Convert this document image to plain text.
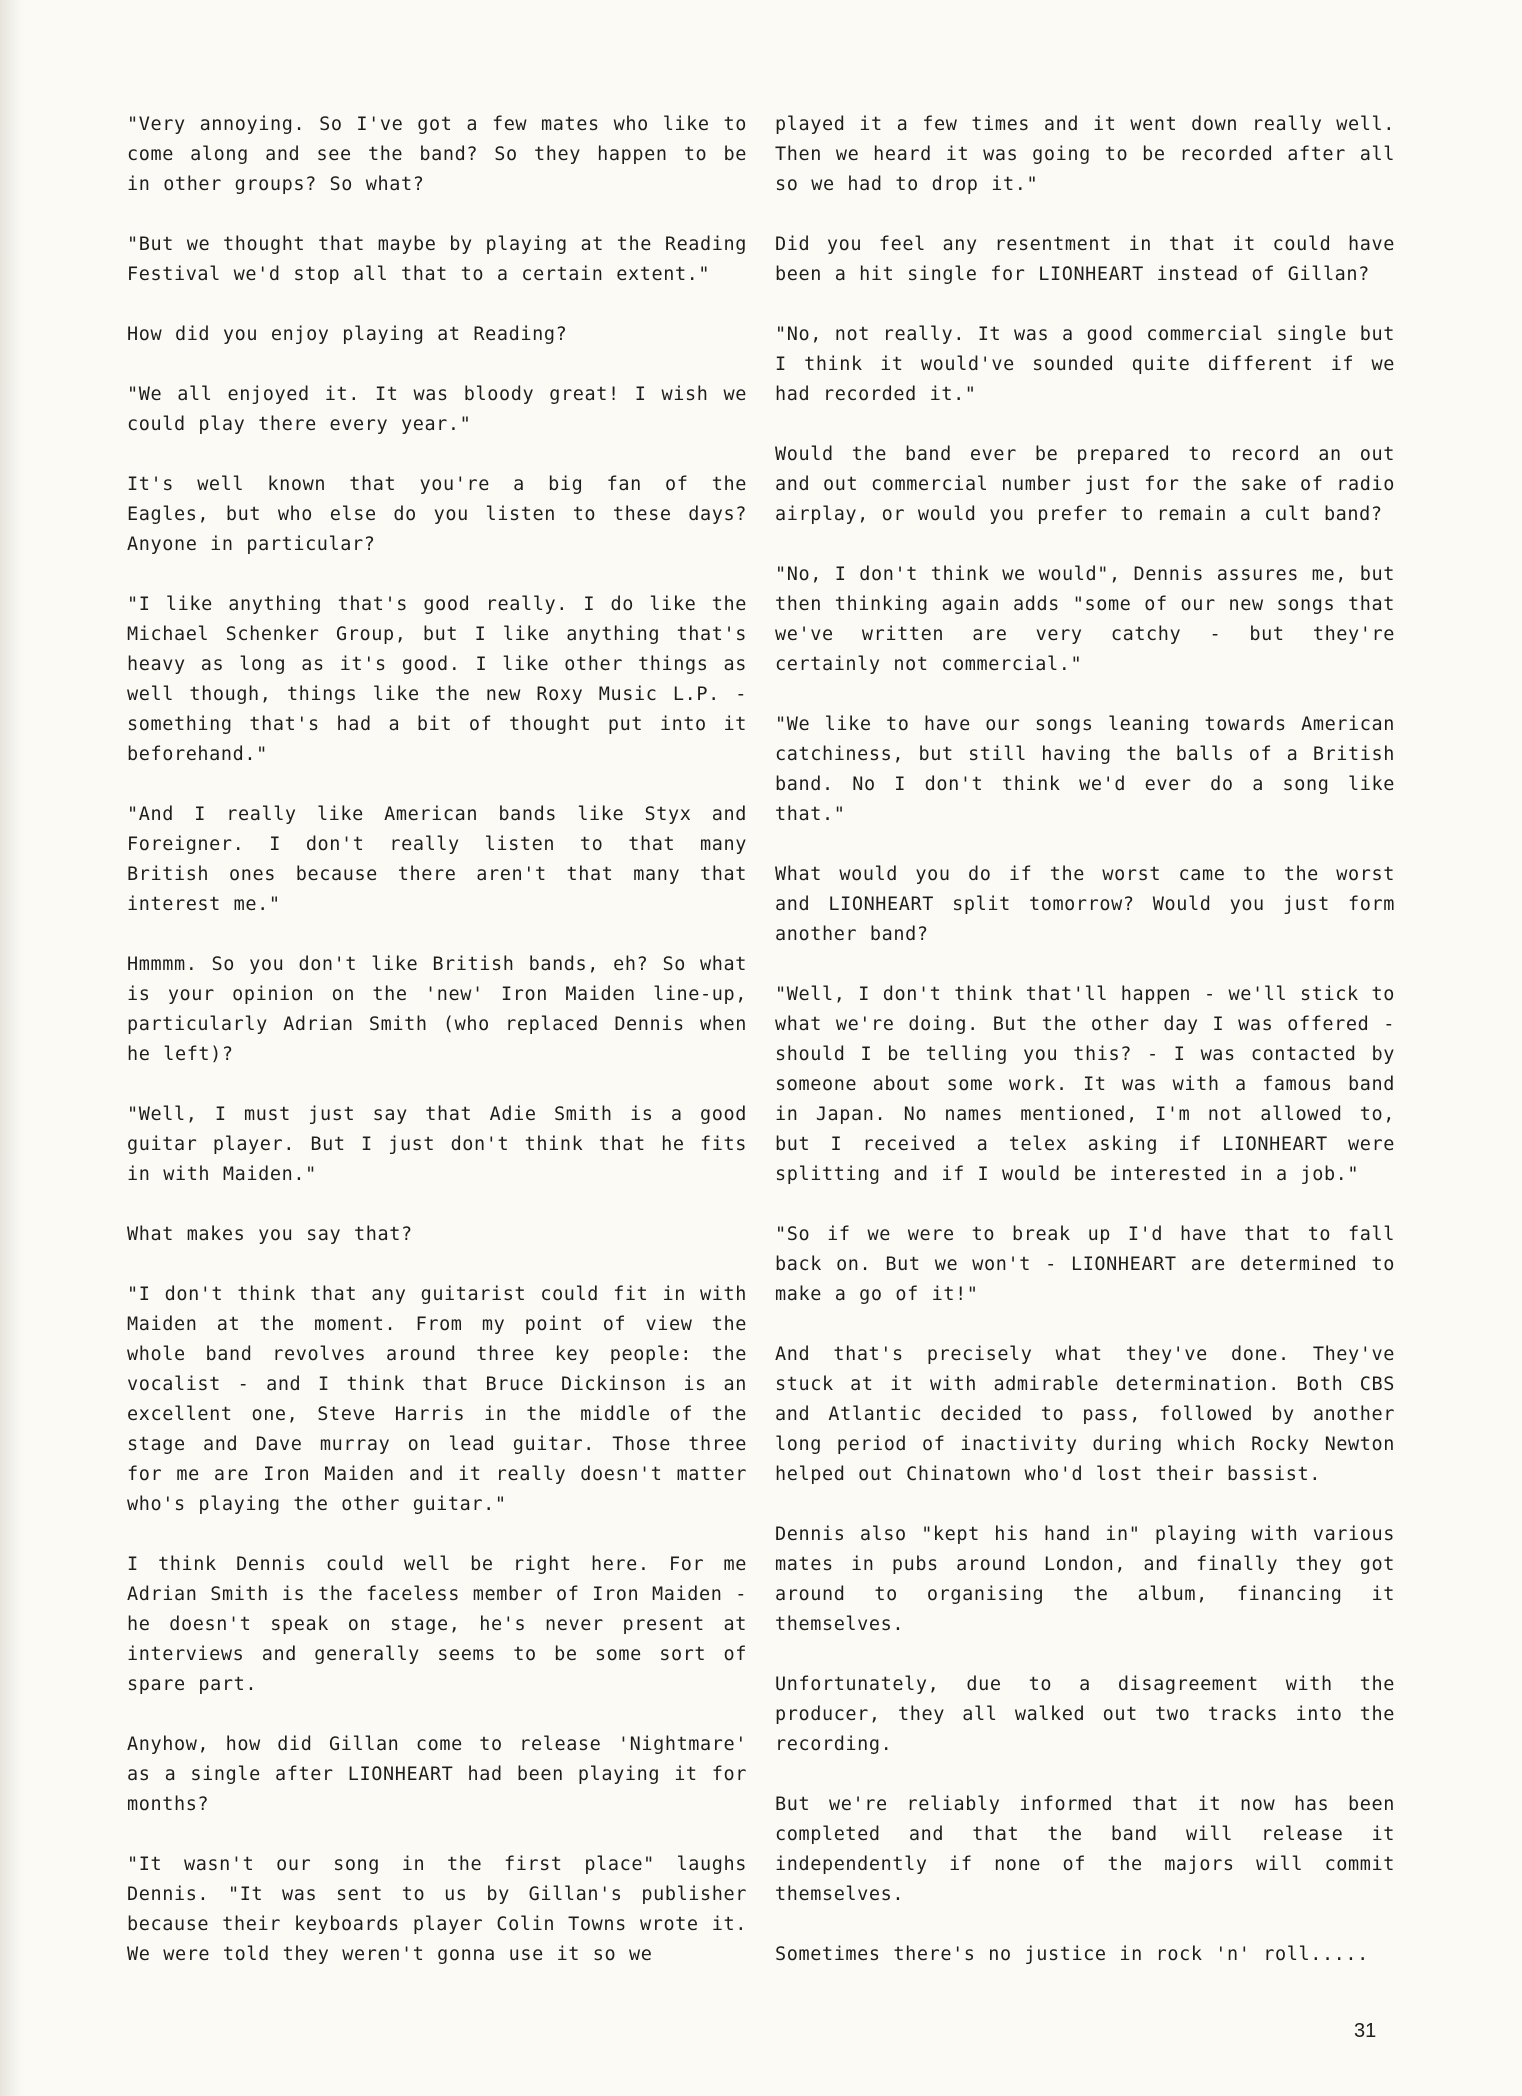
"Very annoying. So I've got a few mates who like to come along and see the band? So they happen to be in other groups? So what?

"But we thought that maybe by playing at the Reading Festival we'd stop all that to a certain extent."

How did you enjoy playing at Reading?

"We all enjoyed it. It was bloody great! I wish we could play there every year."

It's well known that you're a big fan of the Eagles, but who else do you listen to these days? Anyone in particular?

"I like anything that's good really. I do like the Michael Schenker Group, but I like anything that's heavy as long as it's good. I like other things as well though, things like the new Roxy Music L.P. - something that's had a bit of thought put into it beforehand."

"And I really like American bands like Styx and Foreigner. I don't really listen to that many British ones because there aren't that many that interest me."

Hmmmm. So you don't like British bands, eh? So what is your opinion on the 'new' Iron Maiden line-up, particularly Adrian Smith (who replaced Dennis when he left)?

"Well, I must just say that Adie Smith is a good guitar player. But I just don't think that he fits in with Maiden."

What makes you say that?

"I don't think that any guitarist could fit in with Maiden at the moment. From my point of view the whole band revolves around three key people: the vocalist - and I think that Bruce Dickinson is an excellent one, Steve Harris in the middle of the stage and Dave murray on lead guitar. Those three for me are Iron Maiden and it really doesn't matter who's playing the other guitar."

I think Dennis could well be right here. For me Adrian Smith is the faceless member of Iron Maiden - he doesn't speak on stage, he's never present at interviews and generally seems to be some sort of spare part.

Anyhow, how did Gillan come to release 'Nightmare' as a single after LIONHEART had been playing it for months?

"It wasn't our song in the first place" laughs Dennis. "It was sent to us by Gillan's publisher because their keyboards player Colin Towns wrote it. We were told they weren't gonna use it so we

played it a few times and it went down really well. Then we heard it was going to be recorded after all so we had to drop it."

Did you feel any resentment in that it could have been a hit single for LIONHEART instead of Gillan?

"No, not really. It was a good commercial single but I think it would've sounded quite different if we had recorded it."

Would the band ever be prepared to record an out and out commercial number just for the sake of radio airplay, or would you prefer to remain a cult band?

"No, I don't think we would", Dennis assures me, but then thinking again adds "some of our new songs that we've written are very catchy - but they're certainly not commercial."

"We like to have our songs leaning towards American catchiness, but still having the balls of a British band. No I don't think we'd ever do a song like that."

What would you do if the worst came to the worst and LIONHEART split tomorrow? Would you just form another band?

"Well, I don't think that'll happen - we'll stick to what we're doing. But the other day I was offered - should I be telling you this? - I was contacted by someone about some work. It was with a famous band in Japan. No names mentioned, I'm not allowed to, but I received a telex asking if LIONHEART were splitting and if I would be interested in a job."

"So if we were to break up I'd have that to fall back on. But we won't - LIONHEART are determined to make a go of it!"

And that's precisely what they've done. They've stuck at it with admirable determination. Both CBS and Atlantic decided to pass, followed by another long period of inactivity during which Rocky Newton helped out Chinatown who'd lost their bassist.

Dennis also "kept his hand in" playing with various mates in pubs around London, and finally they got around to organising the album, financing it themselves.

Unfortunately, due to a disagreement with the producer, they all walked out two tracks into the recording.

But we're reliably informed that it now has been completed and that the band will release it independently if none of the majors will commit themselves.

Sometimes there's no justice in rock 'n' roll.....

31
